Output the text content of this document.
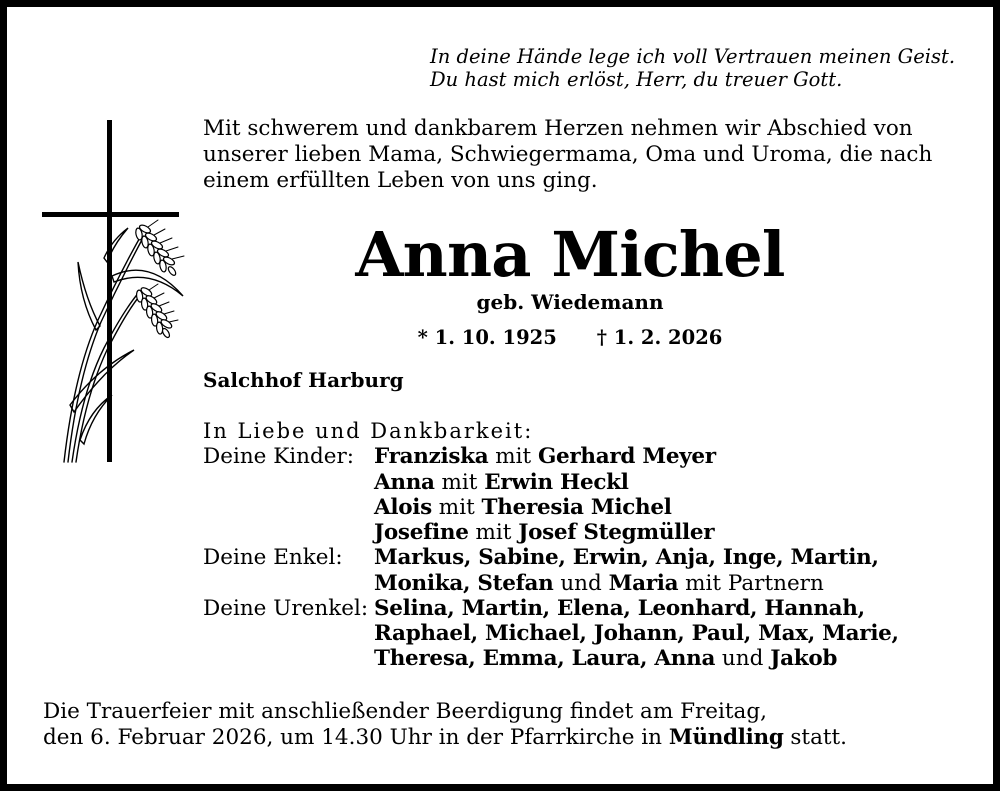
In deine Hände lege ich voll Vertrauen meinen Geist.
Du hast mich erlöst, Herr, du treuer Gott.
Mit schwerem und dankbarem Herzen nehmen wir Abschied von
unserer lieben Mama, Schwiegermama, Oma und Uroma, die nach
einem erfüllten Leben von uns ging.
Anna Michel
geb. Wiedemann
* 1. 10. 1925 † 1. 2. 2026
Salchhof Harburg
In Liebe und Dankbarkeit:
Deine Kinder: Franziska mit Gerhard Meyer
Anna mit Erwin Heckl
Alois mit Theresia Michel
Josefine mit Josef Stegmüller
Deine Enkel: Markus, Sabine, Erwin, Anja, Inge, Martin,
Monika, Stefan und Maria mit Partnern
Deine Urenkel: Selina, Martin, Elena, Leonhard, Hannah,
Raphael, Michael, Johann, Paul, Max, Marie,
Theresa, Emma, Laura, Anna und Jakob
Die Trauerfeier mit anschließender Beerdigung findet am Freitag,
den 6. Februar 2026, um 14.30 Uhr in der Pfarrkirche in Mündling statt.
